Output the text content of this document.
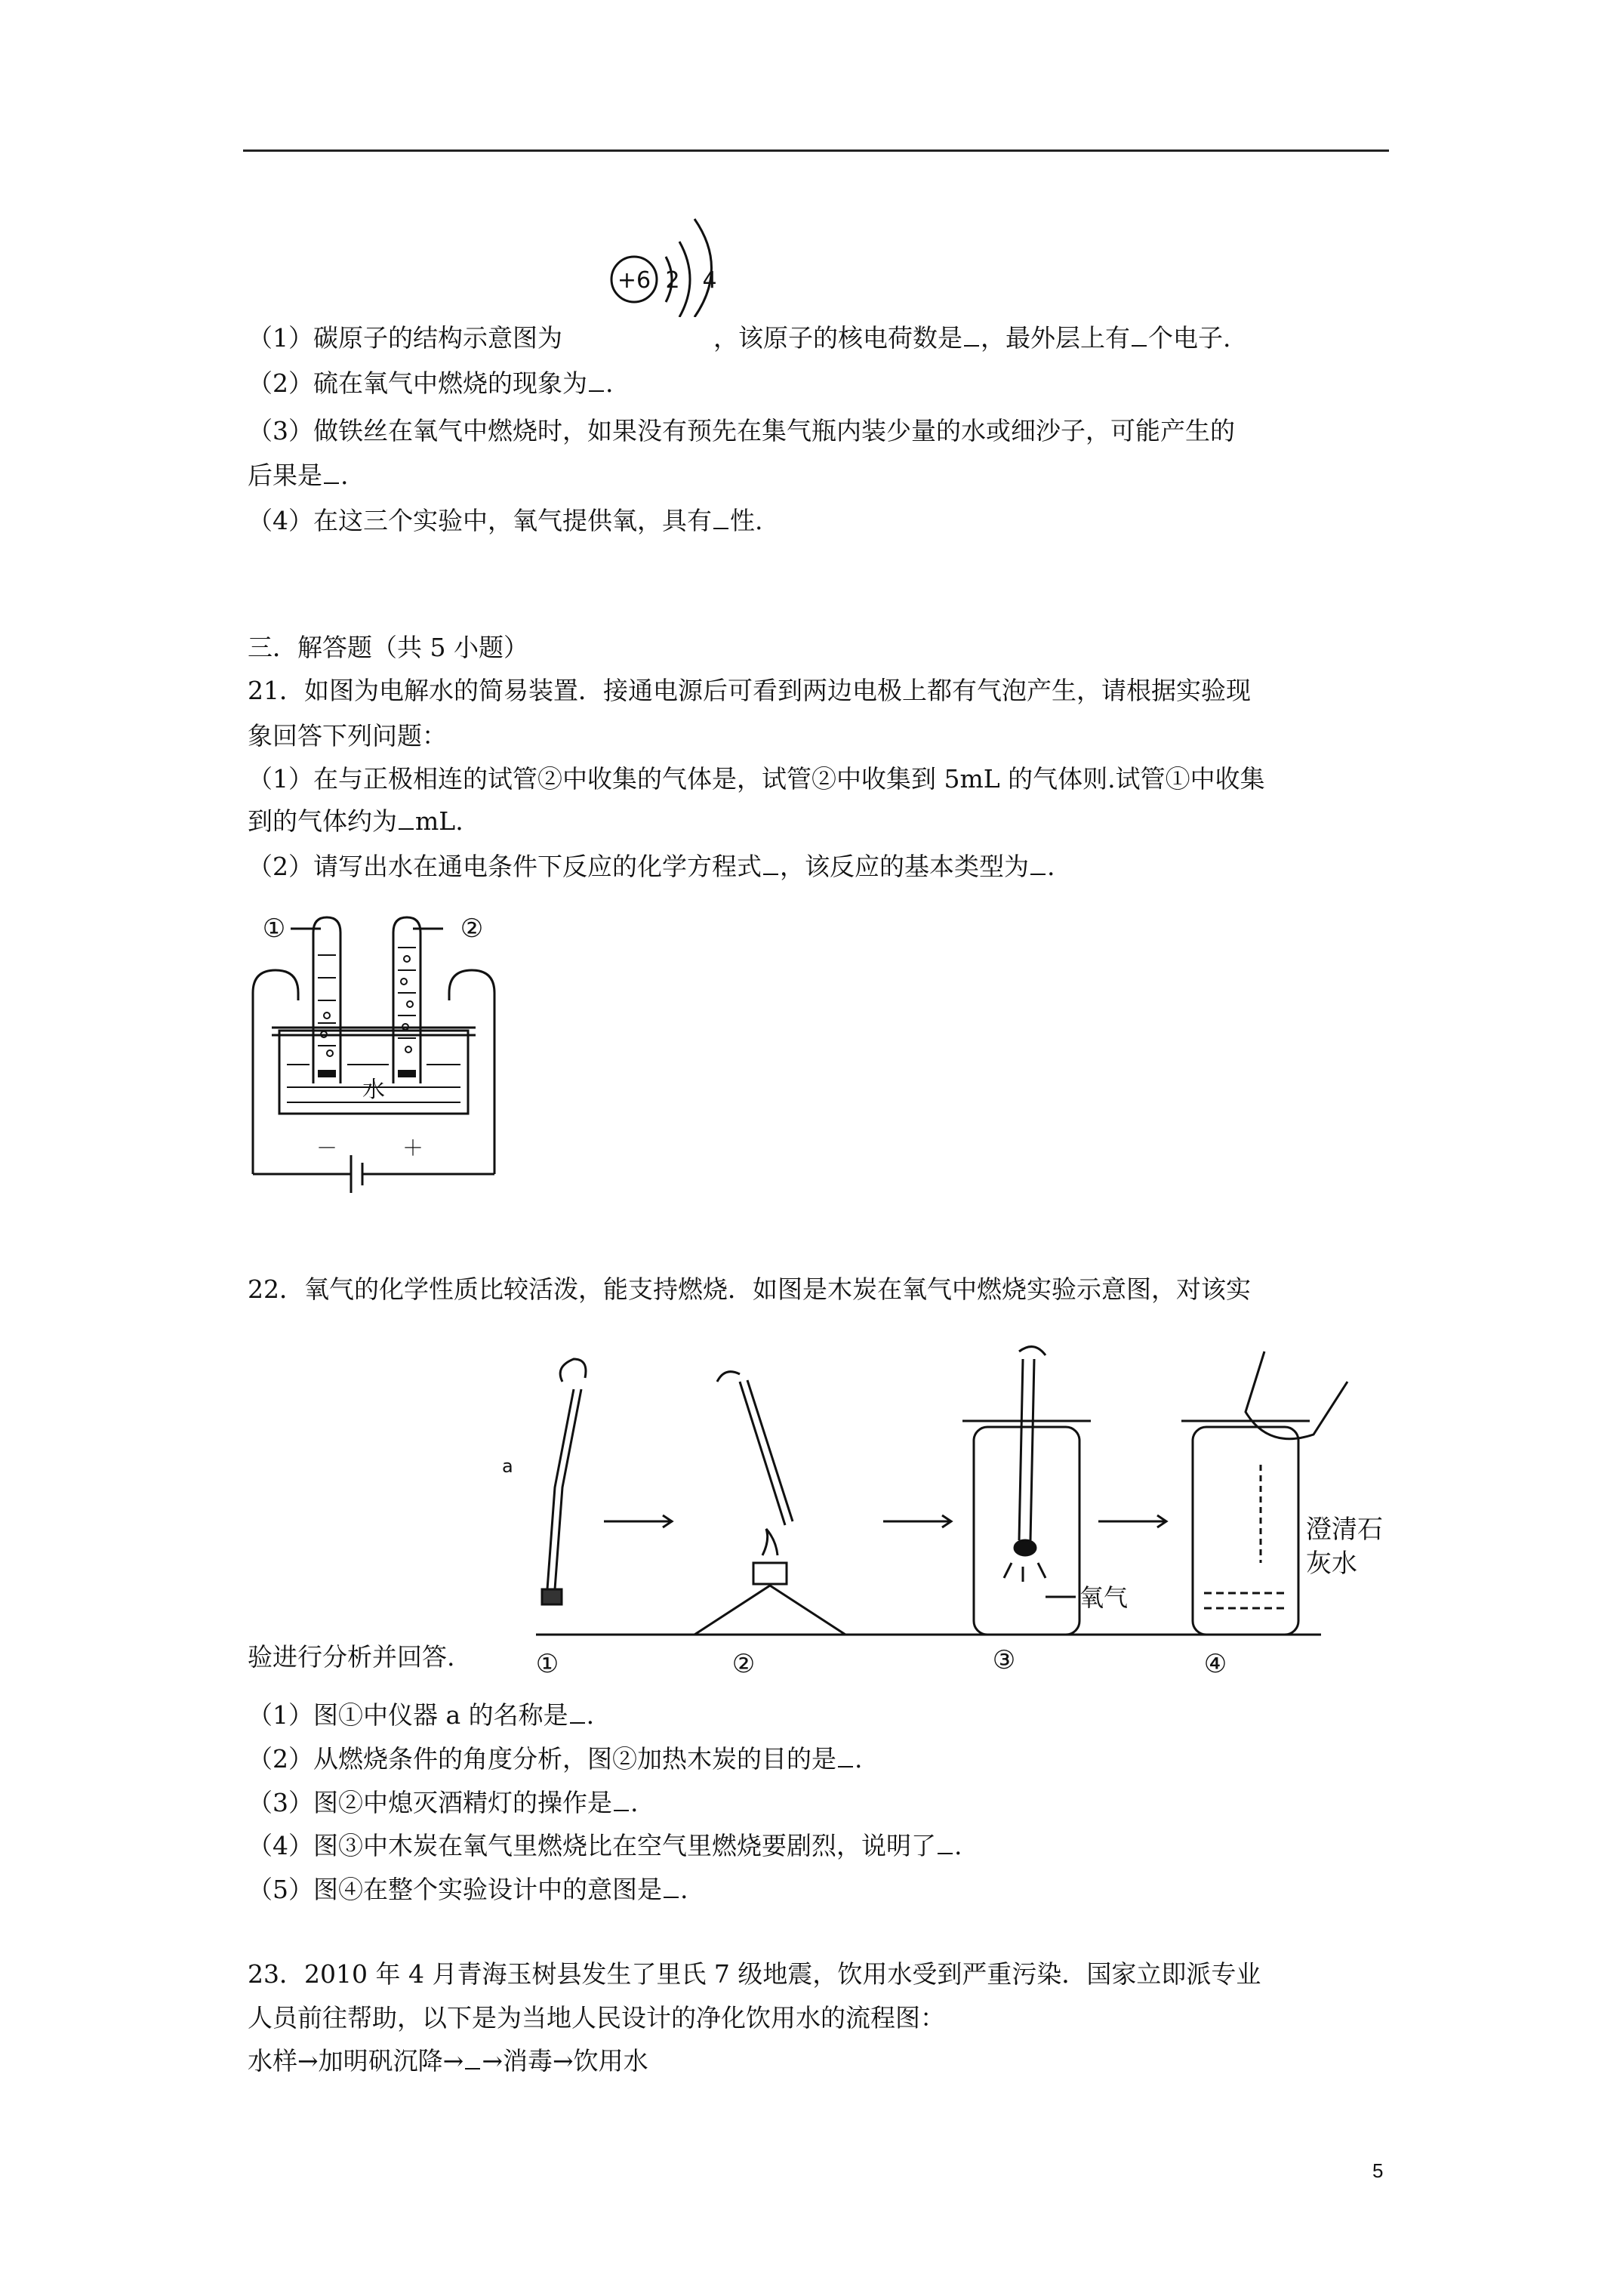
+6 2 4
（1）碳原子的结构示意图为	，该原子的核电荷数是 ，最外层上有 个电子.
（2）硫在氧气中燃烧的现象为 .
（3）做铁丝在氧气中燃烧时，如果没有预先在集气瓶内装少量的水或细沙子，可能产生的
后果是 .
（4）在这三个实验中，氧气提供氧，具有 性.
三．解答题（共 5 小题）
21．如图为电解水的简易装置．接通电源后可看到两边电极上都有气泡产生，请根据实验现
象回答下列问题：
（1）在与正极相连的试管②中收集的气体是，试管②中收集到 5mL 的气体则.试管①中收集
到的气体约为 mL.
（2）请写出水在通电条件下反应的化学方程式 ，该反应的基本类型为 .
①	②
水
－	＋
22．氧气的化学性质比较活泼，能支持燃烧．如图是木炭在氧气中燃烧实验示意图，对该实
a
氧气
澄清石
灰水
①	②	③	④
验进行分析并回答.
（1）图①中仪器 a 的名称是 .
（2）从燃烧条件的角度分析，图②加热木炭的目的是 .
（3）图②中熄灭酒精灯的操作是 .
（4）图③中木炭在氧气里燃烧比在空气里燃烧要剧烈，说明了 .
（5）图④在整个实验设计中的意图是 .
23．2010 年 4 月青海玉树县发生了里氏 7 级地震，饮用水受到严重污染．国家立即派专业
人员前往帮助，以下是为当地人民设计的净化饮用水的流程图：
水样→加明矾沉降→ →消毒→饮用水
5
